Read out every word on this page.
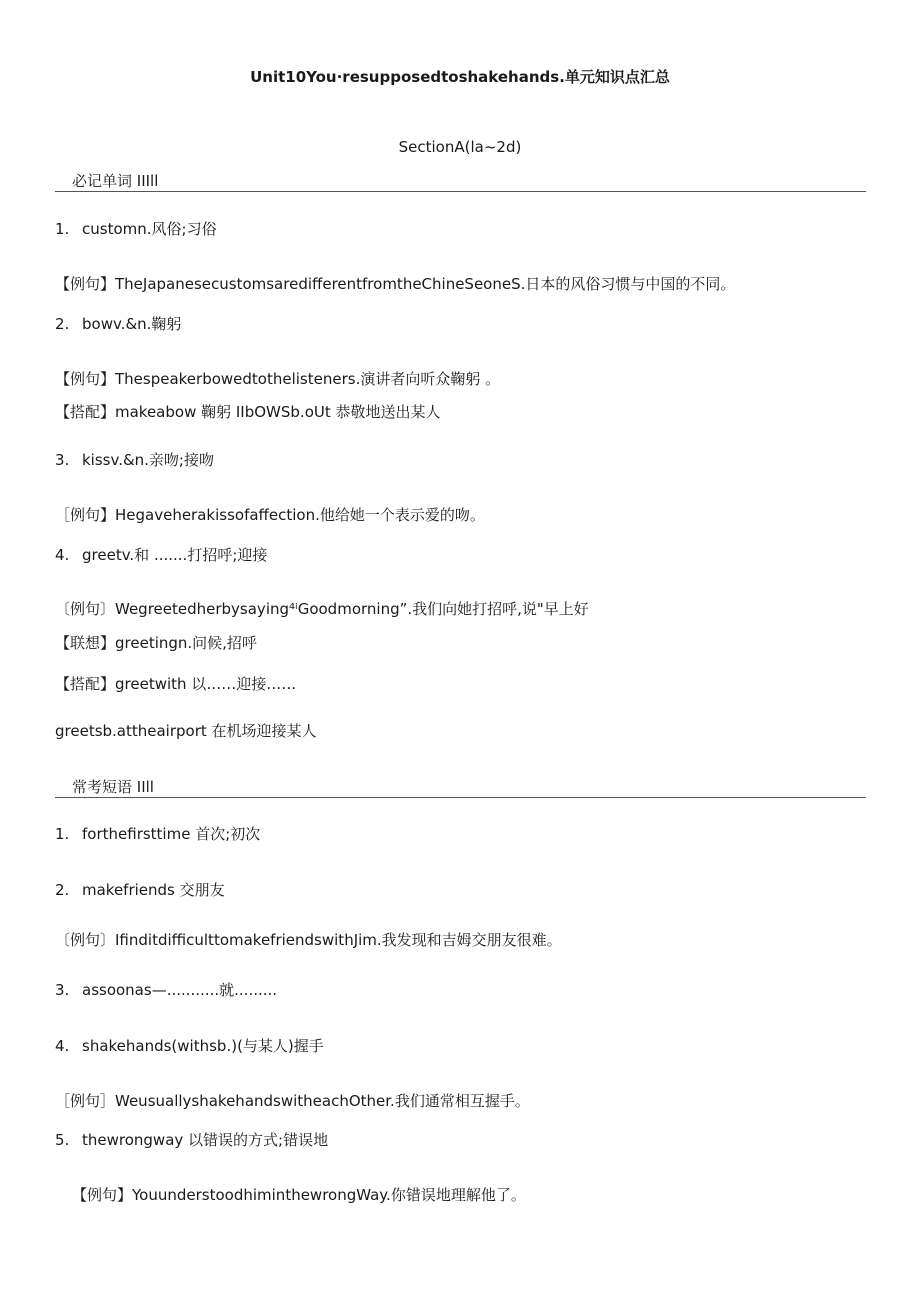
Unit10You·resupposedtoshakehands.单元知识点汇总
SectionA(la~2d)
必记单词 IIIll
1. customn.风俗;习俗
【例句】TheJapanesecustomsaredifferentfromtheChineSeoneS.日本的风俗习惯与中国的不同。
2. bowv.&n.鞠躬
【例句】Thespeakerbowedtothelisteners.演讲者向听众鞠躬 。
【搭配】makeabow 鞠躬 IIbOWSb.oUt 恭敬地送出某人
3. kissv.&n.亲吻;接吻
［例句】Hegaveherakissofaffection.他给她一个表示爱的吻。
4. greetv.和 .......打招呼;迎接
〔例句〕Wegreetedherbysaying⁴ⁱGoodmorning”.我们向她打招呼,说"早上好
【联想】greetingn.问候,招呼
【搭配】greetwith 以……迎接……
greetsb.attheairport 在机场迎接某人
常考短语 IIll
1. forthefirsttime 首次;初次
2. makefriends 交朋友
〔例句〕IfinditdifficulttomakefriendswithJim.我发现和吉姆交朋友很难。
3. assoonas—...........就.........
4. shakehands(withsb.)(与某人)握手
［例句］WeusuallyshakehandswitheachOther.我们通常相互握手。
5. thewrongway 以错误的方式;错误地
【例句】YouunderstoodhiminthewrongWay.你错误地理解他了。
